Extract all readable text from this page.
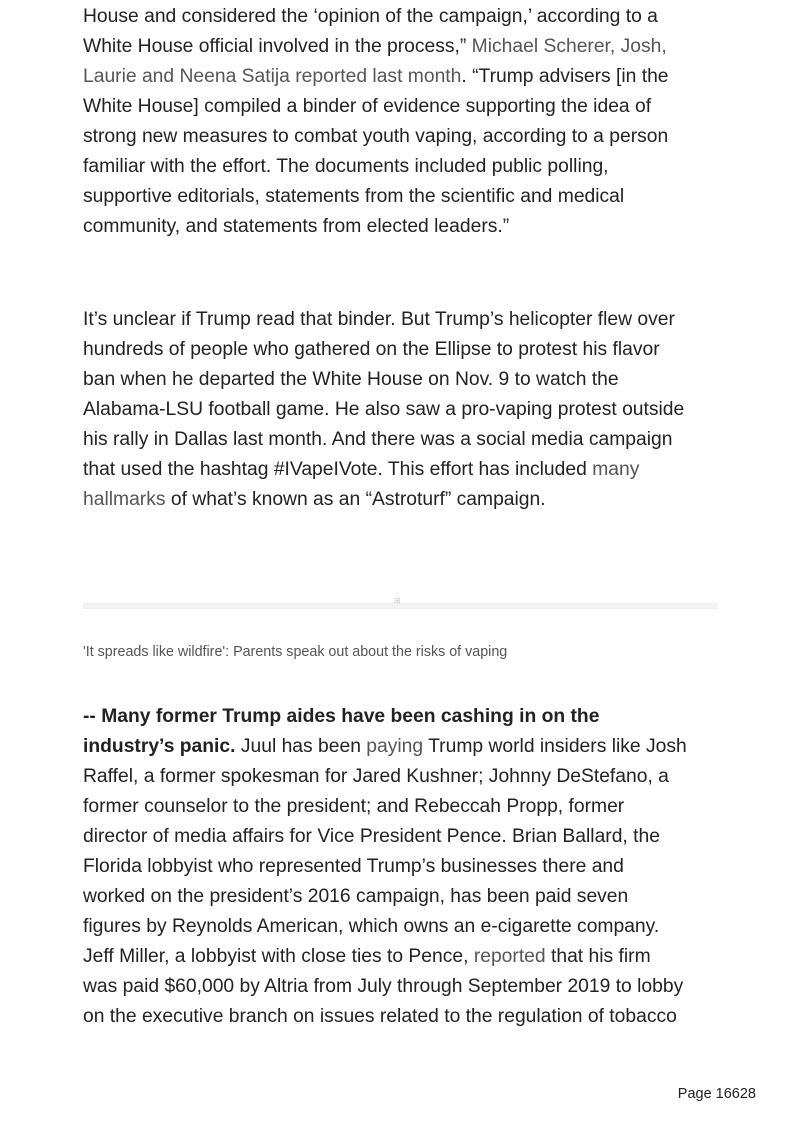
House and considered the ‘opinion of the campaign,’ according to a
White House official involved in the process,” Michael Scherer, Josh,
Laurie and Neena Satija reported last month. “Trump advisers [in the
White House] compiled a binder of evidence supporting the idea of
strong new measures to combat youth vaping, according to a person
familiar with the effort. The documents included public polling,
supportive editorials, statements from the scientific and medical
community, and statements from elected leaders.”
It’s unclear if Trump read that binder. But Trump’s helicopter flew over
hundreds of people who gathered on the Ellipse to protest his flavor
ban when he departed the White House on Nov. 9 to watch the
Alabama-LSU football game. He also saw a pro-vaping protest outside
his rally in Dallas last month. And there was a social media campaign
that used the hashtag #IVapeIVote. This effort has included many
hallmarks of what’s known as an “Astroturf” campaign.
⊞
'It spreads like wildfire': Parents speak out about the risks of vaping
-- Many former Trump aides have been cashing in on the
industry’s panic. Juul has been paying Trump world insiders like Josh
Raffel, a former spokesman for Jared Kushner; Johnny DeStefano, a
former counselor to the president; and Rebeccah Propp, former
director of media affairs for Vice President Pence. Brian Ballard, the
Florida lobbyist who represented Trump’s businesses there and
worked on the president’s 2016 campaign, has been paid seven
figures by Reynolds American, which owns an e-cigarette company.
Jeff Miller, a lobbyist with close ties to Pence, reported that his firm
was paid $60,000 by Altria from July through September 2019 to lobby
on the executive branch on issues related to the regulation of tobacco
Page 16628
